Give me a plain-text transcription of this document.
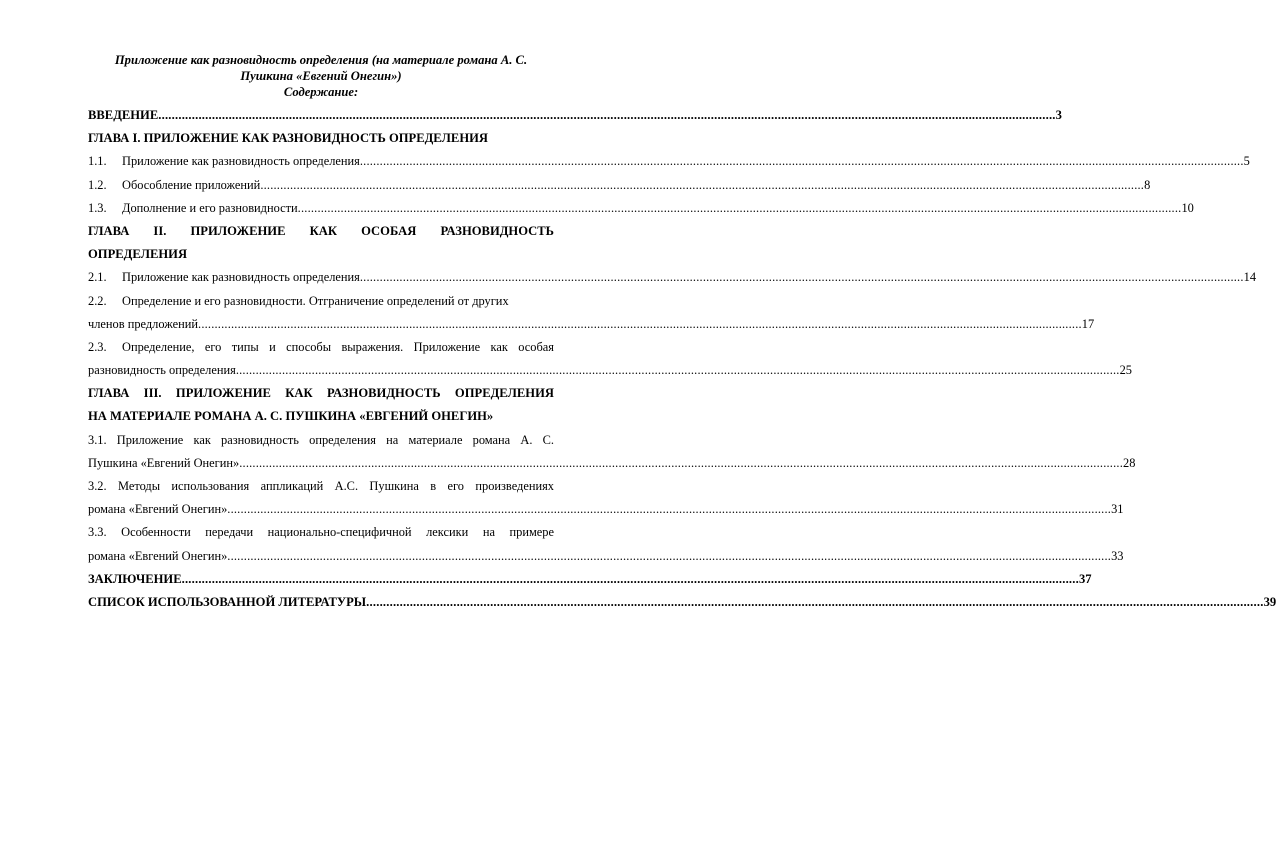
Приложение как разновидность определения (на материале романа А. С. Пушкина «Евгений Онегин»)

Содержание:

ВВЕДЕНИЕ .....	3
ГЛАВА I. ПРИЛОЖЕНИЕ КАК РАЗНОВИДНОСТЬ ОПРЕДЕЛЕНИЯ
1.1.	Приложение как разновидность определения .....	5
1.2.	Обособление приложений .....	8
1.3.	Дополнение и его разновидности .....	10
ГЛАВА II. ПРИЛОЖЕНИЕ КАК ОСОБАЯ РАЗНОВИДНОСТЬ
ОПРЕДЕЛЕНИЯ
2.1.	Приложение как разновидность определения .....	14
2.2.	Определение и его разновидности. Отграничение определений от других
членов предложений .....	17
2.3. Определение, его типы и способы выражения. Приложение как особая
разновидность определения .....	25
ГЛАВА III. ПРИЛОЖЕНИЕ КАК РАЗНОВИДНОСТЬ ОПРЕДЕЛЕНИЯ
НА МАТЕРИАЛЕ РОМАНА А. С. ПУШКИНА «ЕВГЕНИЙ ОНЕГИН»
3.1. Приложение как разновидность определения на материале романа А. С.
Пушкина «Евгений Онегин» .....	28
3.2. Методы использования аппликаций А.С. Пушкина в его произведениях
романа «Евгений Онегин» .....	31
3.3. Особенности передачи национально-специфичной лексики на примере
романа «Евгений Онегин» .....	33
ЗАКЛЮЧЕНИЕ .....	37
СПИСОК ИСПОЛЬЗОВАННОЙ ЛИТЕРАТУРЫ .....	39
